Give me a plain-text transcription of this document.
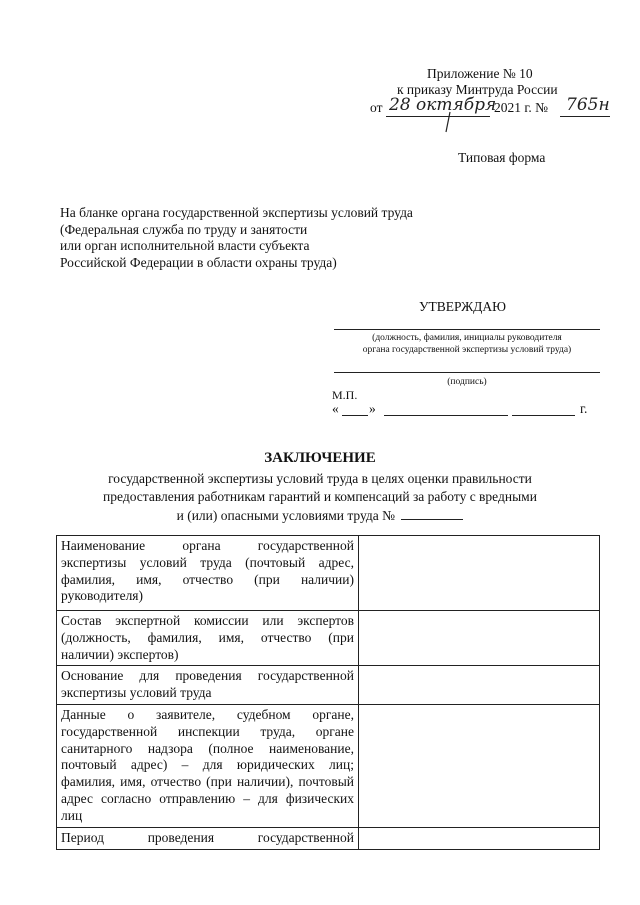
Приложение № 10
к приказу Минтруда России
от 28 октября
2021 г. № 765н
Типовая форма
На бланке органа государственной экспертизы условий труда
(Федеральная служба по труду и занятости
или орган исполнительной власти субъекта
Российской Федерации в области охраны труда)
УТВЕРЖДАЮ
(должность, фамилия, инициалы руководителя
органа государственной экспертизы условий труда)
(подпись)
М.П.
« »	г.
ЗАКЛЮЧЕНИЕ
государственной экспертизы условий труда в целях оценки правильности
предоставления работникам гарантий и компенсаций за работу с вредными
и (или) опасными условиями труда №
Наименование органа государственной экспертизы условий труда (почтовый адрес, фамилия, имя, отчество (при наличии) руководителя)	
Состав экспертной комиссии или экспертов (должность, фамилия, имя, отчество (при наличии) экспертов)	
Основание для проведения государственной экспертизы условий труда	
Данные о заявителе, судебном органе, государственной инспекции труда, органе санитарного надзора (полное наименование, почтовый адрес) – для юридических лиц; фамилия, имя, отчество (при наличии), почтовый адрес согласно отправлению – для физических лиц	
Период проведения государственной	
